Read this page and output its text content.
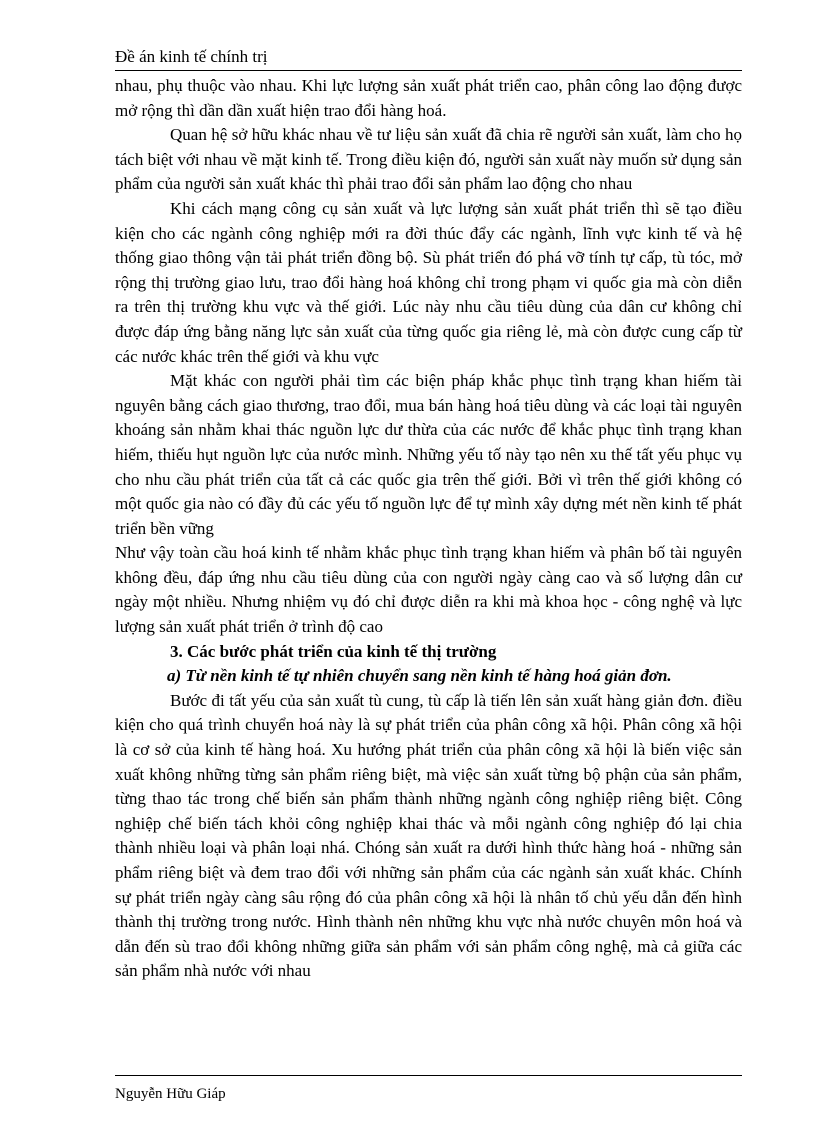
Đề án kinh tế chính trị

nhau, phụ thuộc vào nhau. Khi lực lượng sản xuất phát triển cao, phân công lao động được mở rộng thì dần dần xuất hiện trao đổi hàng hoá.

Quan hệ sở hữu khác nhau về tư liệu sản xuất đã chia rẽ người sản xuất, làm cho họ tách biệt với nhau về mặt kinh tế. Trong điều kiện đó, người sản xuất này muốn sử dụng sản phẩm của người sản xuất khác thì phải trao đổi sản phẩm lao động cho nhau

Khi cách mạng công cụ sản xuất và lực lượng sản xuất phát triển thì sẽ tạo điều kiện cho các ngành công nghiệp mới ra đời thúc đẩy các ngành, lĩnh vực kinh tế và hệ thống giao thông vận tải phát triển đồng bộ. Sù phát triển đó phá vỡ tính tự cấp, tù tóc, mở rộng thị trường giao lưu, trao đổi hàng hoá không chỉ trong phạm vi quốc gia mà còn diễn ra trên thị trường khu vực và thế giới. Lúc này nhu cầu tiêu dùng của dân cư không chỉ được đáp ứng bằng năng lực sản xuất của từng quốc gia riêng lẻ, mà còn được cung cấp từ các nước khác trên thế giới và khu vực

Mặt khác con người phải tìm các biện pháp khắc phục tình trạng khan hiếm tài nguyên bằng cách giao thương, trao đổi, mua bán hàng hoá tiêu dùng và các loại tài nguyên khoáng sản nhằm khai thác nguồn lực dư thừa của các nước để khắc phục tình trạng khan hiếm, thiếu hụt nguồn lực của nước mình. Những yếu tố này tạo nên xu thế tất yếu phục vụ cho nhu cầu phát triển của tất cả các quốc gia trên thế giới. Bởi vì trên thế giới không có một quốc gia nào có đầy đủ các yếu tố nguồn lực để tự mình xây dựng mét nền kinh tế phát triển bền vững

Như vậy toàn cầu hoá kinh tế nhằm khắc phục tình trạng khan hiếm và phân bố tài nguyên không đều, đáp ứng nhu cầu tiêu dùng của con người ngày càng cao và số lượng dân cư ngày một nhiều. Nhưng nhiệm vụ đó chỉ được diễn ra khi mà khoa học - công nghệ và lực lượng sản xuất phát triển ở trình độ cao

3. Các bước phát triển của kinh tế thị trường

a) Từ nền kinh tế tự nhiên chuyển sang nền kinh tế hàng hoá giản đơn.

Bước đi tất yếu của sản xuất tù cung, tù cấp là tiến lên sản xuất hàng giản đơn. điều kiện cho quá trình chuyển hoá này là sự phát triển của phân công xã hội. Phân công xã hội là cơ sở của kinh tế hàng hoá. Xu hướng phát triển của phân công xã hội là biến việc sản xuất không những từng sản phẩm riêng biệt, mà việc sản xuất từng bộ phận của sản phẩm, từng thao tác trong chế biến sản phẩm thành những ngành công nghiệp riêng biệt. Công nghiệp chế biến tách khỏi công nghiệp khai thác và mỗi ngành công nghiệp đó lại chia thành nhiều loại và phân loại nhá. Chóng sản xuất ra dưới hình thức hàng hoá - những sản phẩm riêng biệt và đem trao đổi với những sản phẩm của các ngành sản xuất khác. Chính sự phát triển ngày càng sâu rộng đó của phân công xã hội là nhân tố chủ yếu dẫn đến hình thành thị trường trong nước. Hình thành nên những khu vực nhà nước chuyên môn hoá và dẫn đến sù trao đổi không những giữa sản phẩm với sản phẩm công nghệ, mà cả giữa các sản phẩm nhà nước với nhau

Nguyễn Hữu Giáp
